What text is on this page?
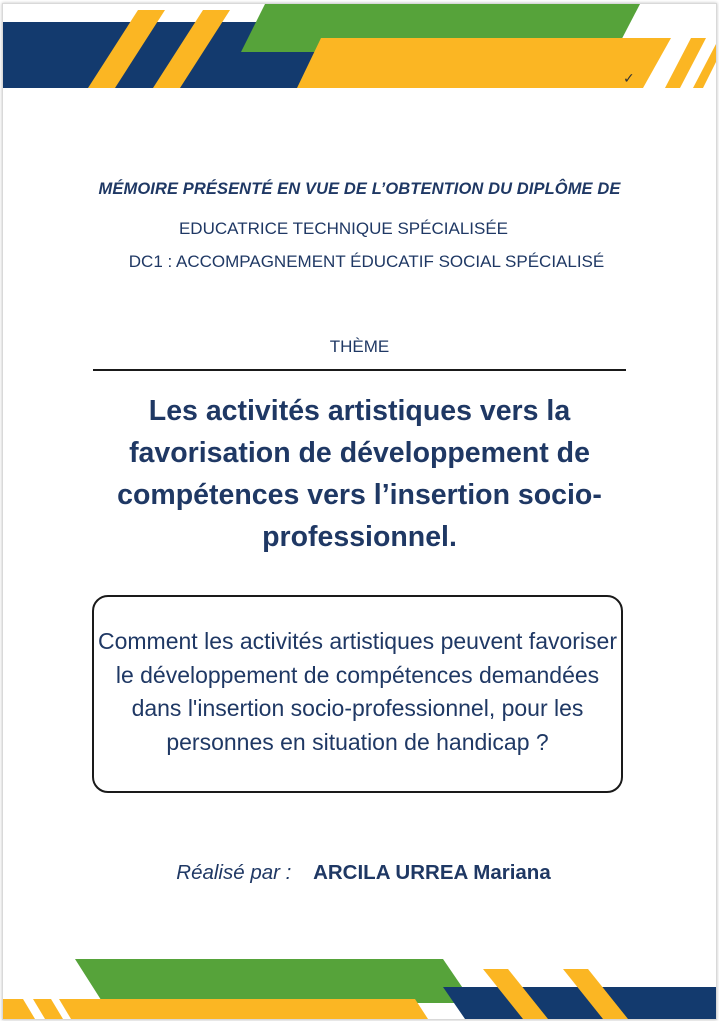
✓
MÉMOIRE PRÉSENTÉ EN VUE DE L’OBTENTION DU DIPLÔME DE
EDUCATRICE TECHNIQUE SPÉCIALISÉE
DC1 : ACCOMPAGNEMENT ÉDUCATIF SOCIAL SPÉCIALISÉ
THÈME
Les activités artistiques vers la favorisation de développement de compétences vers l’insertion socio-professionnel.
Comment les activités artistiques peuvent favoriser le développement de compétences demandées dans l'insertion socio-professionnel, pour les personnes en situation de handicap ?
Réalisé par : ARCILA URREA Mariana
